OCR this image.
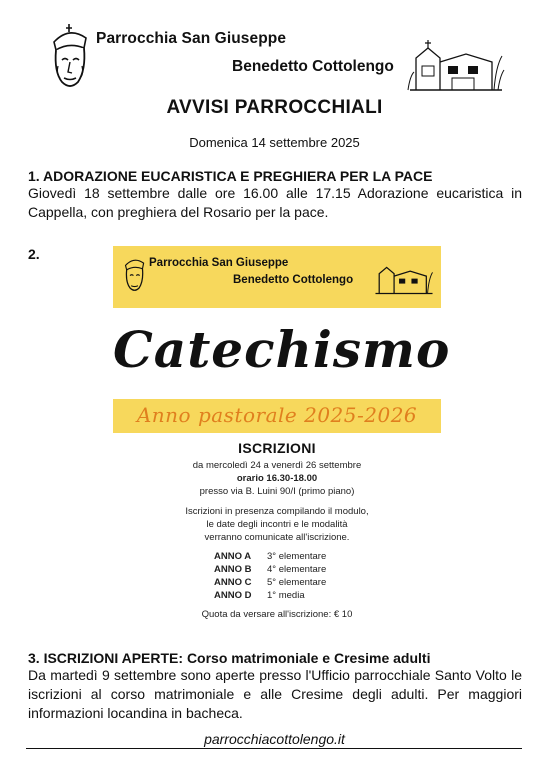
Parrocchia San Giuseppe
Benedetto Cottolengo
AVVISI PARROCCHIALI
Domenica 14 settembre 2025
1. ADORAZIONE EUCARISTICA E PREGHIERA PER LA PACE
Giovedì 18 settembre dalle ore 16.00 alle 17.15 Adorazione eucaristica in Cappella, con preghiera del Rosario per la pace.
2.
Parrocchia San Giuseppe
Benedetto Cottolengo
Catechismo
Anno pastorale 2025-2026
ISCRIZIONI
da mercoledì 24 a venerdì 26 settembre
orario 16.30-18.00
presso via B. Luini 90/I (primo piano)
Iscrizioni in presenza compilando il modulo,
le date degli incontri e le modalità
verranno comunicate all'iscrizione.
ANNO A 3° elementare
ANNO B 4° elementare
ANNO C 5° elementare
ANNO D 1° media
Quota da versare all'iscrizione: € 10
3. ISCRIZIONI APERTE: Corso matrimoniale e Cresime adulti
Da martedì 9 settembre sono aperte presso l'Ufficio parrocchiale Santo Volto le iscrizioni al corso matrimoniale e alle Cresime degli adulti. Per maggiori informazioni locandina in bacheca.
parrocchiacottolengo.it
